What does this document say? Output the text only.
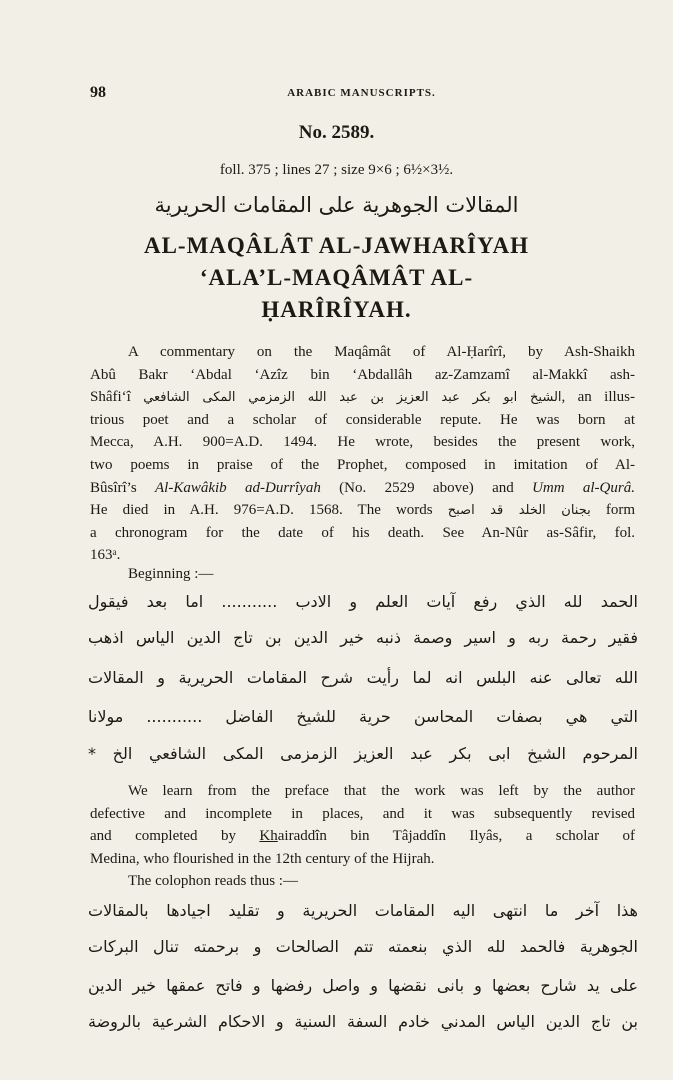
98	ARABIC MANUSCRIPTS.
No. 2589.
foll. 375 ; lines 27 ; size 9×6 ; 6½×3½.
المقالات الجوهرية على المقامات الحريرية
AL-MAQÂLÂT AL-JAWHARÎYAH
‘ALA’L-MAQÂMÂT AL-
ḤARÎRÎYAH.
A commentary on the Maqâmât of Al-Ḥarîrî, by Ash-Shaikh
Abû Bakr ‘Abdal ‘Azîz bin ‘Abdallâh az-Zamzamî al-Makkî ash-
Shâfi‘î الشيخ ابو بكر عبد العزيز بن عبد الله الزمزمي المكى الشافعي, an illus-
trious poet and a scholar of considerable repute. He was born at
Mecca, A.H. 900=A.D. 1494. He wrote, besides the present work,
two poems in praise of the Prophet, composed in imitation of Al-
Bûsîrî’s Al-Kawâkib ad-Durrîyah (No. 2529 above) and Umm al-Qurâ.
He died in A.H. 976=A.D. 1568. The words بجنان الخلد قد اصبح form
a chronogram for the date of his death. See An-Nûr as-Sâfir, fol.
163ᵃ.
Beginning :—
الحمد لله الذي رفع آيات العلم و الادب ........... اما بعد فيقول
فقير رحمة ربه و اسير وصمة ذنبه خير الدين بن تاج الدين الياس اذهب
الله تعالى عنه البلس انه لما رأيت شرح المقامات الحريرية و المقالات
التي هي بصفات المحاسن حرية للشيخ الفاضل ........... مولانا
المرحوم الشيخ ابى بكر عبد العزيز الزمزمى المكى الشافعي الخ *
We learn from the preface that the work was left by the author
defective and incomplete in places, and it was subsequently revised
and completed by Khairaddîn bin Tâjaddîn Ilyâs, a scholar of
Medina, who flourished in the 12th century of the Hijrah.
The colophon reads thus :—
هذا آخر ما انتهى اليه المقامات الحريرية و تقليد اجيادها بالمقالات
الجوهرية فالحمد لله الذي بنعمته تتم الصالحات و برحمته تنال البركات
على يد شارح بعضها و بانى نقضها و واصل رفضها و فاتح عمقها خير الدين
بن تاج الدين الياس المدني خادم السفة السنية و الاحكام الشرعية بالروضة
